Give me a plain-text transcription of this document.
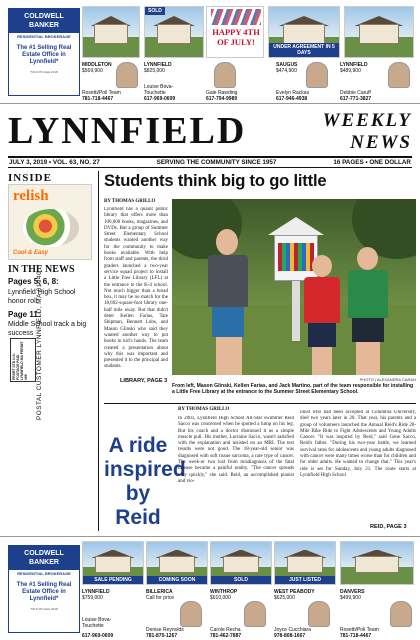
COLDWELL BANKER
RESIDENTIAL BROKERAGE
The #1 Selling Real Estate Office in Lynnfield*
*MLS PIN data 2018
MIDDLETON
$569,900
Rosetti/Poli Team
781-718-4467
SOLD
LYNNFIELD
$825,000
Louise Bova-Touchette
617-969-0609
HAPPY 4TH OF JULY!
Gale Rawding
617-794-9989
UNDER AGREEMENT IN 5 DAYS
SAUGUS
$474,900
Evelyn Rackas
617-946-4938
LYNNFIELD
$489,900
Debbie Caruff
617-771-3827
LYNNFIELD	WEEKLY
NEWS
JULY 3, 2019 • VOL. 63, NO. 27	SERVING THE COMMUNITY SINCE 1957	16 PAGES • ONE DOLLAR
INSIDE
relish
Cool & Easy
IN THE NEWS
Pages 5, 6, 8:
Lynnfield High School honor roll
Page 11:
Middle School track a big success
PRSRT STD U.S. POSTAGE PAID LYNNFIELD MA PERMIT #66 POSTAL CUSTOMER LYNNFIELD, MA 01940
Students think big to go little
BY THOMAS GRILLO
Lynnfield has a quaint public library that offers more than 100,000 books, magazines, and DVDs. But a group of Summer Street Elementary School students wanted another way for the community to make books available. With help from staff and parents, the third graders launched a two-year service squad project to install a Little Free Library (LFL) at the entrance to the K-4 school. Not much bigger than a bread box, it may be no match for the 18,692-square-foot library one-half mile away. But that didn't deter Kellen Farias, Tate Shipman, Bennett Lubs, and Mason Glinski who said they wanted another way to put books in kid's hands. The team created a presentation about why this was important and presented it to the principal and students.
LIBRARY, PAGE 3	PHOTO | ALEXANDRA CARAH
From left, Mason Glinski, Kellen Farias, and Jack Martino, part of the team responsible for installing a Little Free Library at the entrance to the Summer Street Elementary School.
A ride inspired by Reid
BY THOMAS GRILLO
In 2003, Lynnfield High School All-Star swimmer Reid Sacco was concerned when he spotted a lump on his leg. But his coach and a doctor dismissed it as a simple muscle pull. His mother, Lorraine Sacco, wasn't satisfied with the explanation and insisted on an MRI. The test results were not good. The 18-year-old senior was diagnosed with soft tissue sarcoma, a rare type of cancer. The week-or two lost from misdiagnosis of the fatal disease became a painful reality. "The cancer spreads very quickly," she said. Reid, an accomplished pianist and vio-
linist who had been accepted at Columbia University, died two years later in 20. That year, his parents and a group of volunteers launched the Annual Reid's Ride 20-Mile Bike Ride to Fight Adolescents and Young Adults Cancer. "It was inspired by Reid," said Gene Sacco, Reid's father. "During his two-year battle, we learned survival rates for adolescents and young adults diagnosed with cancer were many times worse than for children and for older adults. He wanted to change that." This year's ride is set for Sunday, July 21. The route starts at Lynnfield High School
REID, PAGE 3
COLDWELL BANKER
RESIDENTIAL BROKERAGE
The #1 Selling Real Estate Office in Lynnfield*
*MLS PIN data 2018
SALE PENDING
LYNNFIELD
$759,000
Louise Bova-Touchette
617-969-0609
COMING SOON
BILLERICA
Call for price
Denise Reynolds
781-870-1267
SOLD
WINTHROP
$610,000
Carole Recha
781-462-7887
JUST LISTED
WEST PEABODY
$625,000
Joyce Cucchiara
978-808-1667
DANVERS
$499,900
Rosetti/Poli Team
781-718-4467
